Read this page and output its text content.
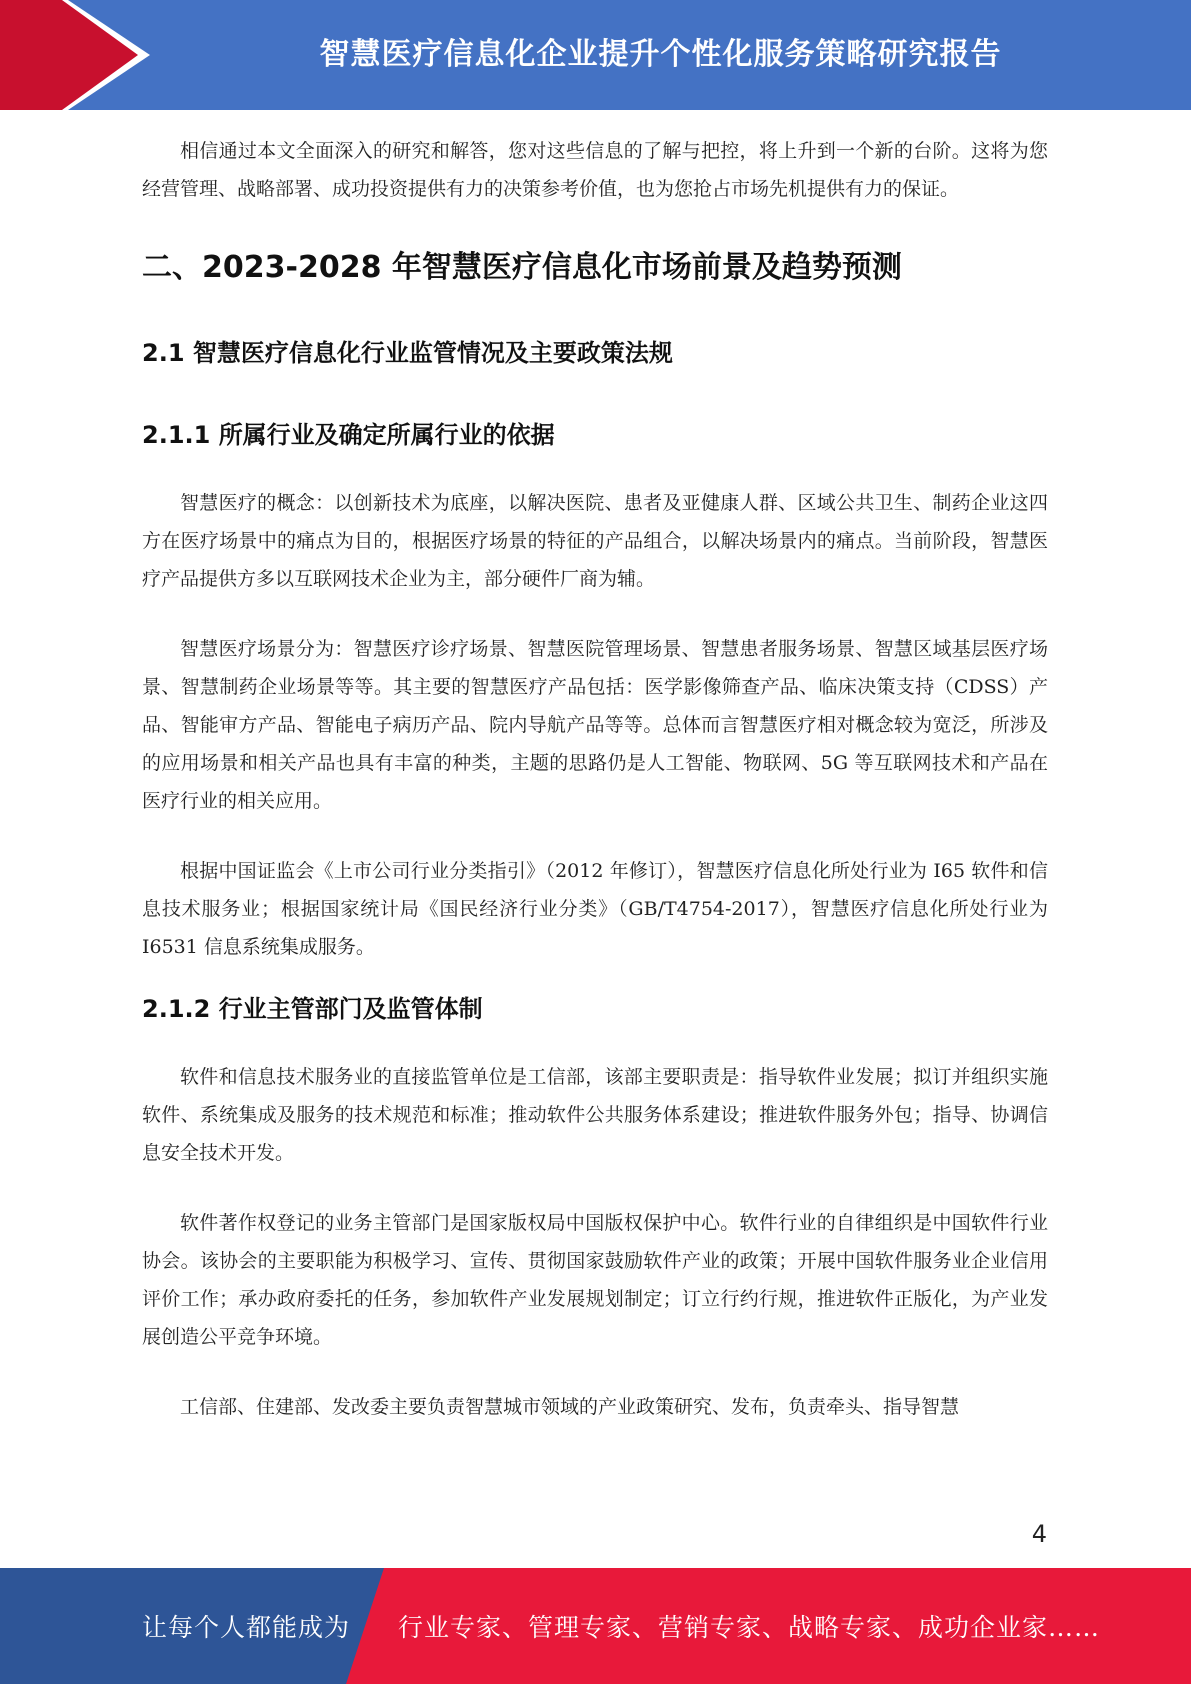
智慧医疗信息化企业提升个性化服务策略研究报告

相信通过本文全面深入的研究和解答，您对这些信息的了解与把控，将上升到一个新的台阶。这将为您经营管理、战略部署、成功投资提供有力的决策参考价值，也为您抢占市场先机提供有力的保证。

二、2023-2028 年智慧医疗信息化市场前景及趋势预测
2.1 智慧医疗信息化行业监管情况及主要政策法规
2.1.1 所属行业及确定所属行业的依据

智慧医疗的概念：以创新技术为底座，以解决医院、患者及亚健康人群、区域公共卫生、制药企业这四方在医疗场景中的痛点为目的，根据医疗场景的特征的产品组合，以解决场景内的痛点。当前阶段，智慧医疗产品提供方多以互联网技术企业为主，部分硬件厂商为辅。

智慧医疗场景分为：智慧医疗诊疗场景、智慧医院管理场景、智慧患者服务场景、智慧区域基层医疗场景、智慧制药企业场景等等。其主要的智慧医疗产品包括：医学影像筛查产品、临床决策支持（CDSS）产品、智能审方产品、智能电子病历产品、院内导航产品等等。总体而言智慧医疗相对概念较为宽泛，所涉及的应用场景和相关产品也具有丰富的种类，主题的思路仍是人工智能、物联网、5G 等互联网技术和产品在医疗行业的相关应用。

根据中国证监会《上市公司行业分类指引》（2012 年修订），智慧医疗信息化所处行业为 I65 软件和信息技术服务业；根据国家统计局《国民经济行业分类》（GB/T4754-2017），智慧医疗信息化所处行业为 I6531 信息系统集成服务。

2.1.2 行业主管部门及监管体制

软件和信息技术服务业的直接监管单位是工信部，该部主要职责是：指导软件业发展；拟订并组织实施软件、系统集成及服务的技术规范和标准；推动软件公共服务体系建设；推进软件服务外包；指导、协调信息安全技术开发。

软件著作权登记的业务主管部门是国家版权局中国版权保护中心。软件行业的自律组织是中国软件行业协会。该协会的主要职能为积极学习、宣传、贯彻国家鼓励软件产业的政策；开展中国软件服务业企业信用评价工作；承办政府委托的任务，参加软件产业发展规划制定；订立行约行规，推进软件正版化，为产业发展创造公平竞争环境。

工信部、住建部、发改委主要负责智慧城市领域的产业政策研究、发布，负责牵头、指导智慧

4
让每个人都能成为 行业专家、管理专家、营销专家、战略专家、成功企业家……
